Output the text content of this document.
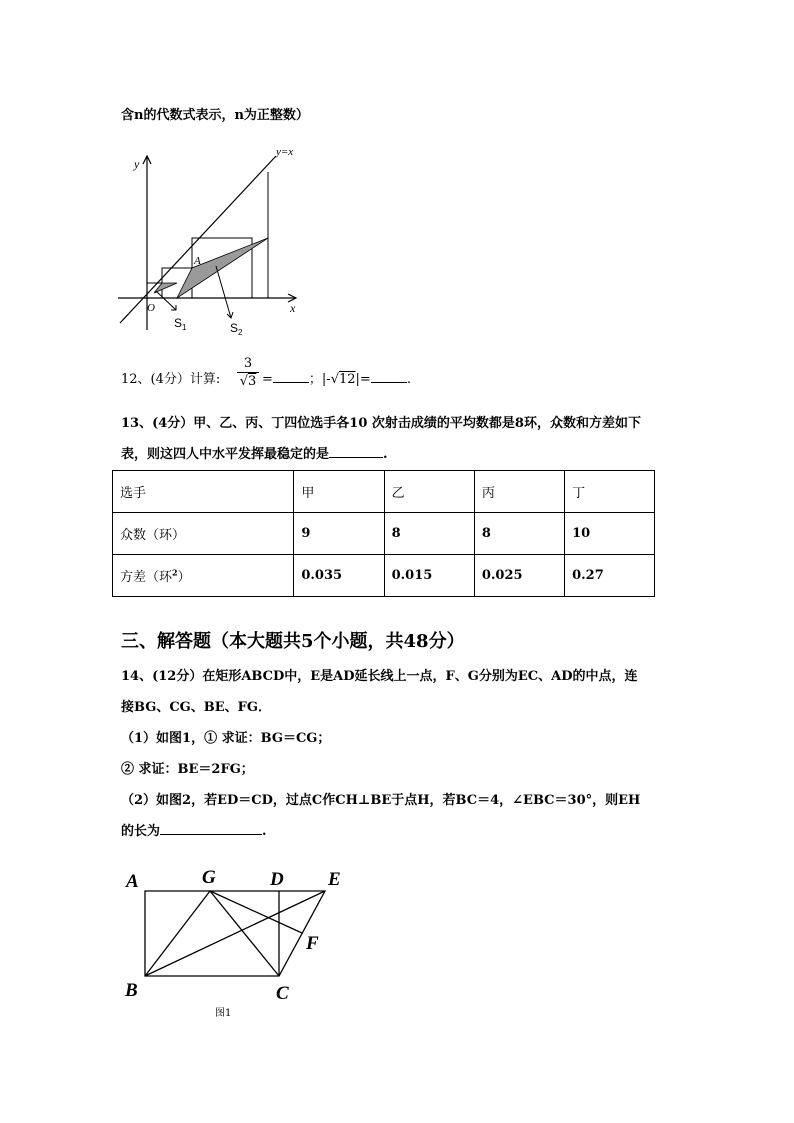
含n的代数式表示，n为正整数）
y
x
y=x
A
O
$S_1$	$S_2$
12、(4分）计算:
3
√3 =	；|-√12|=	.
13、(4分）甲、乙、丙、丁四位选手各10 次射击成绩的平均数都是8环，众数和方差如下
表，则这四人中水平发挥最稳定的是	.
选手	甲	乙	丙	丁
众数（环）	9	8	8	10
方差（环$^2$）	0.035	0.015	0.025	0.27
三、解答题（本大题共5个小题，共48分）
14、(12分）在矩形ABCD中，E是AD延长线上一点，F、G分别为EC、AD的中点，连
接BG、CG、BE、FG．
（1）如图1，① 求证：BG＝CG；
② 求证：BE＝2FG；
（2）如图2，若ED＝CD，过点C作CH⊥BE于点H，若BC＝4，∠EBC＝30°，则EH
的长为	.
A	G	D E
F
B	C
图1
